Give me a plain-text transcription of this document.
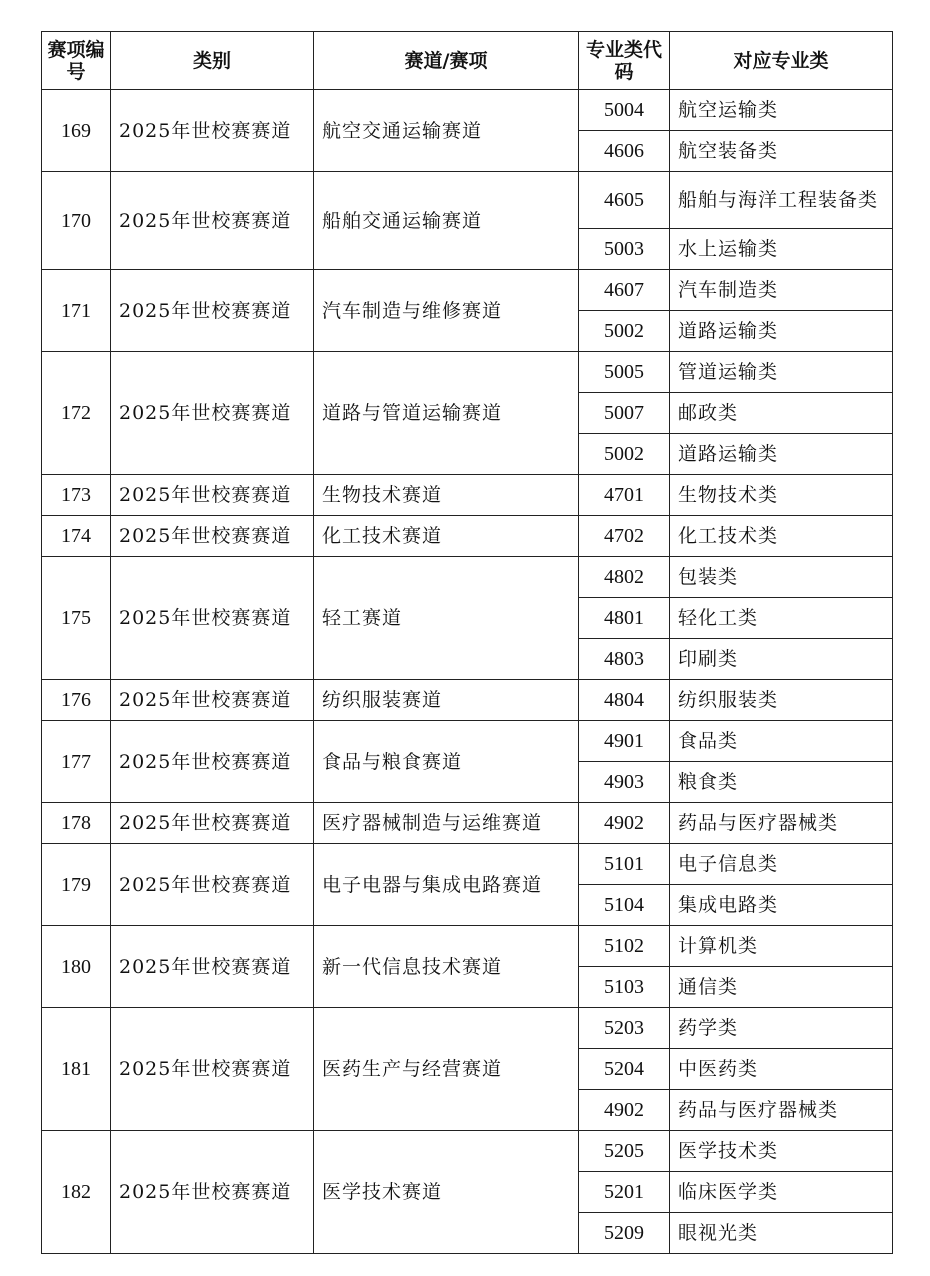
赛项编号	类别	赛道/赛项	专业类代码	对应专业类
169	2025年世校赛赛道	航空交通运输赛道	5004	航空运输类
			4606	航空装备类
170	2025年世校赛赛道	船舶交通运输赛道	4605	船舶与海洋工程装备类
			5003	水上运输类
171	2025年世校赛赛道	汽车制造与维修赛道	4607	汽车制造类
			5002	道路运输类
172	2025年世校赛赛道	道路与管道运输赛道	5005	管道运输类
			5007	邮政类
			5002	道路运输类
173	2025年世校赛赛道	生物技术赛道	4701	生物技术类
174	2025年世校赛赛道	化工技术赛道	4702	化工技术类
175	2025年世校赛赛道	轻工赛道	4802	包装类
			4801	轻化工类
			4803	印刷类
176	2025年世校赛赛道	纺织服装赛道	4804	纺织服装类
177	2025年世校赛赛道	食品与粮食赛道	4901	食品类
			4903	粮食类
178	2025年世校赛赛道	医疗器械制造与运维赛道	4902	药品与医疗器械类
179	2025年世校赛赛道	电子电器与集成电路赛道	5101	电子信息类
			5104	集成电路类
180	2025年世校赛赛道	新一代信息技术赛道	5102	计算机类
			5103	通信类
181	2025年世校赛赛道	医药生产与经营赛道	5203	药学类
			5204	中医药类
			4902	药品与医疗器械类
182	2025年世校赛赛道	医学技术赛道	5205	医学技术类
			5201	临床医学类
			5209	眼视光类
